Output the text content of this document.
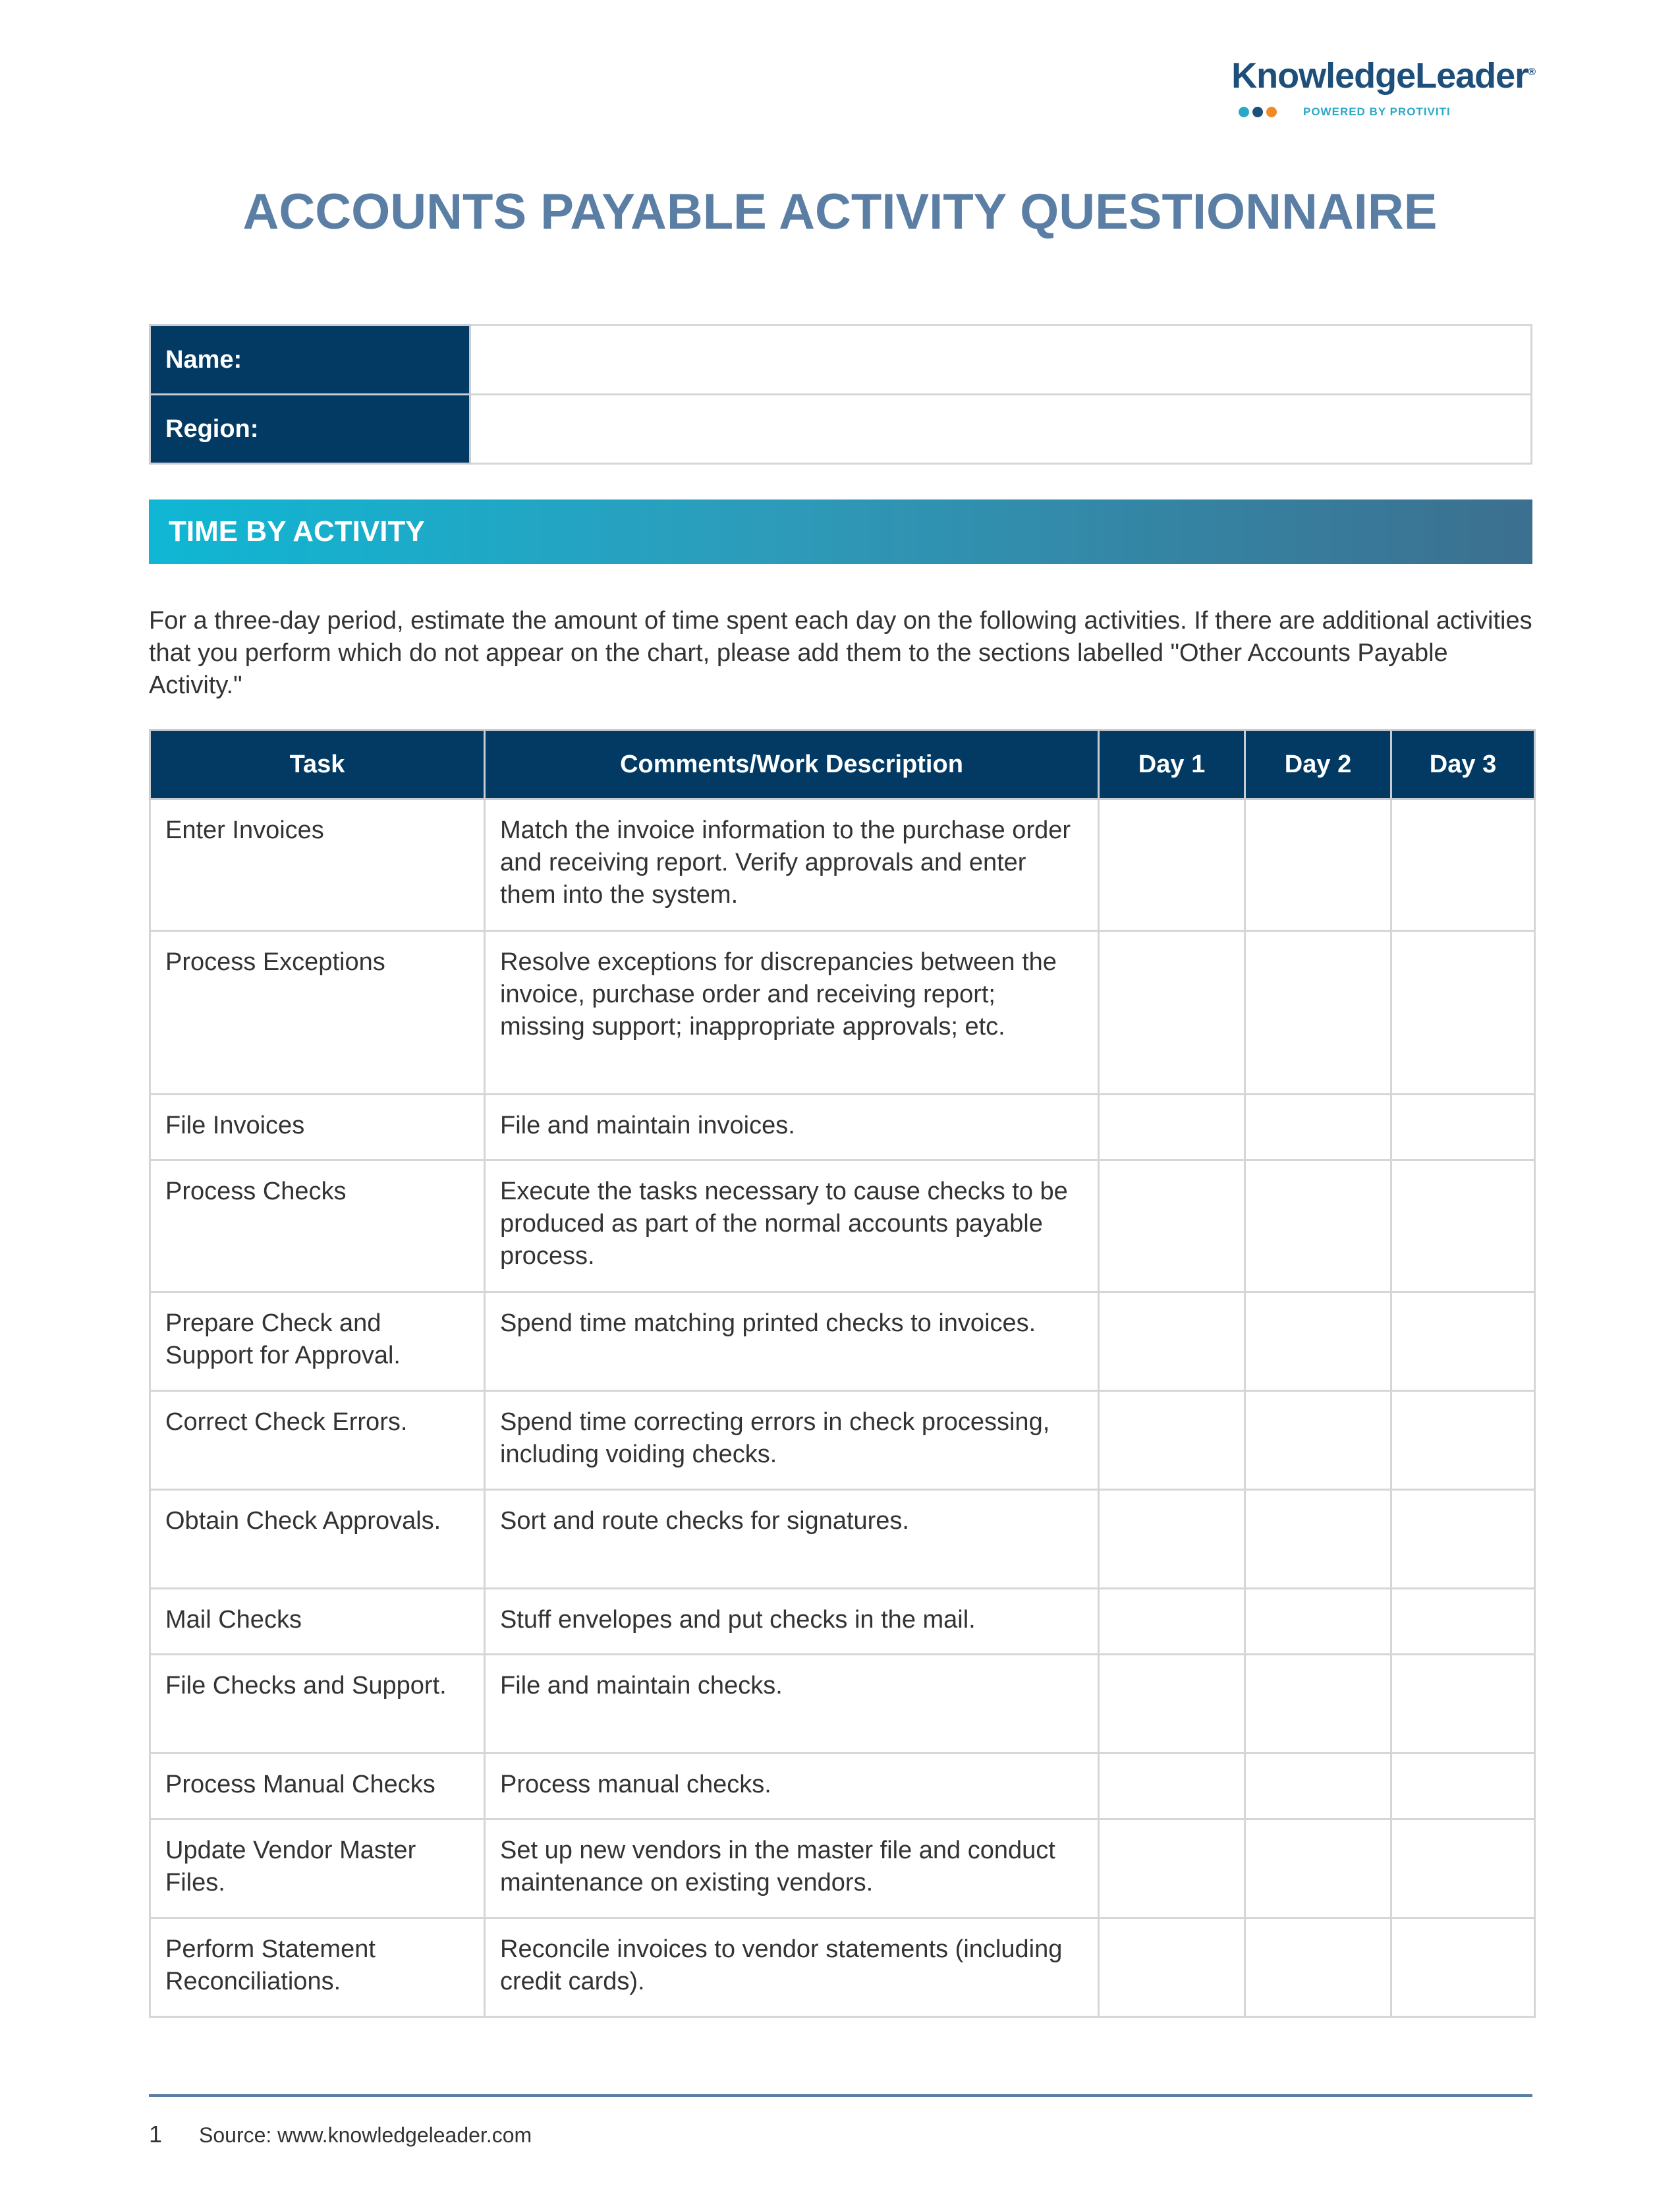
KnowledgeLeader®
POWERED BY PROTIVITI
ACCOUNTS PAYABLE ACTIVITY QUESTIONNAIRE
Name:	
Region:	
TIME BY ACTIVITY
For a three-day period, estimate the amount of time spent each day on the following activities. If there are additional activities that you perform which do not appear on the chart, please add them to the sections labelled "Other Accounts Payable Activity."
Task	Comments/Work Description	Day 1	Day 2	Day 3
Enter Invoices	Match the invoice information to the purchase order and receiving report. Verify approvals and enter them into the system.			
Process Exceptions	Resolve exceptions for discrepancies between the invoice, purchase order and receiving report; missing support; inappropriate approvals; etc.			
File Invoices	File and maintain invoices.			
Process Checks	Execute the tasks necessary to cause checks to be produced as part of the normal accounts payable process.			
Prepare Check and Support for Approval.	Spend time matching printed checks to invoices.			
Correct Check Errors.	Spend time correcting errors in check processing, including voiding checks.			
Obtain Check Approvals.	Sort and route checks for signatures.			
Mail Checks	Stuff envelopes and put checks in the mail.			
File Checks and Support.	File and maintain checks.			
Process Manual Checks	Process manual checks.			
Update Vendor Master Files.	Set up new vendors in the master file and conduct maintenance on existing vendors.			
Perform Statement Reconciliations.	Reconcile invoices to vendor statements (including credit cards).			
1	Source: www.knowledgeleader.com
